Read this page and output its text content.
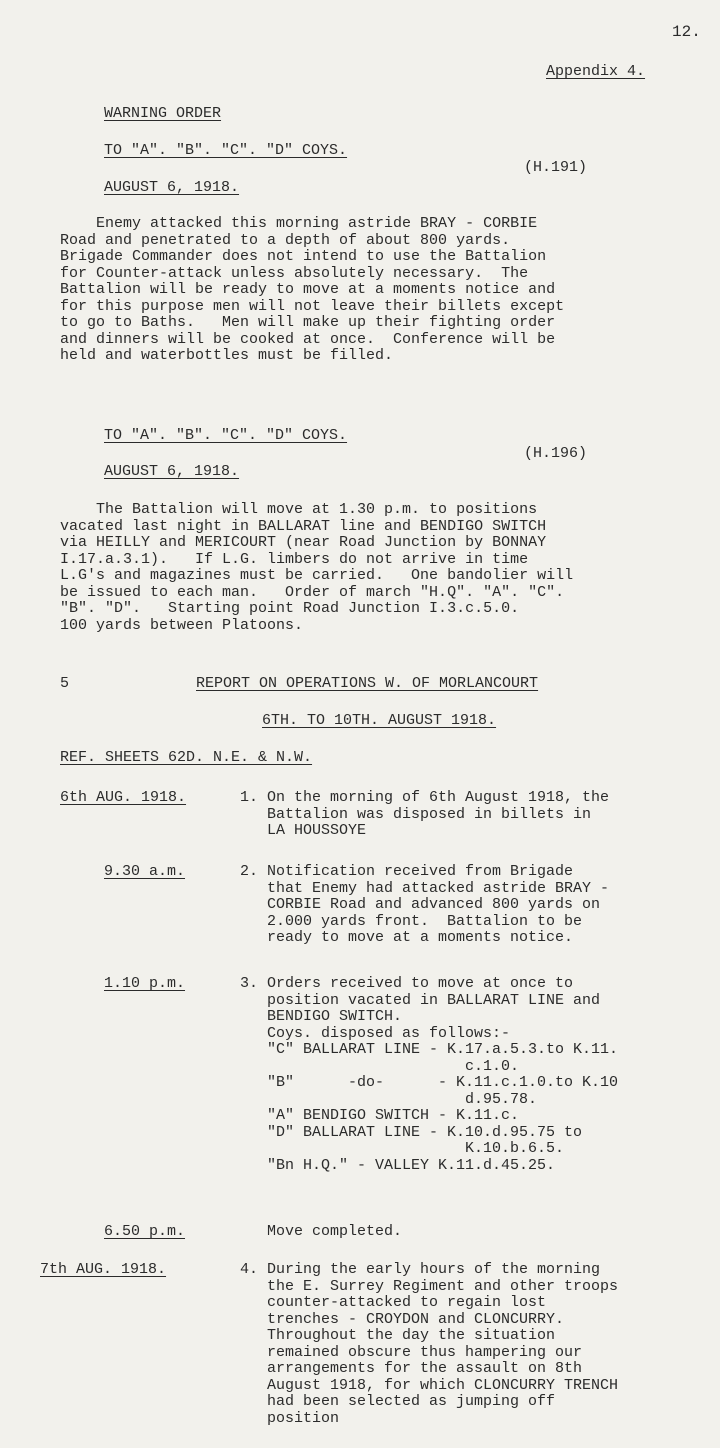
12.
Appendix 4.
WARNING ORDER
TO "A". "B". "C". "D" COYS.
(H.191)
AUGUST 6, 1918.
Enemy attacked this morning astride BRAY - CORBIE
Road and penetrated to a depth of about 800 yards.
Brigade Commander does not intend to use the Battalion
for Counter-attack unless absolutely necessary.  The
Battalion will be ready to move at a moments notice and
for this purpose men will not leave their billets except
to go to Baths.   Men will make up their fighting order
and dinners will be cooked at once.  Conference will be
held and waterbottles must be filled.
TO "A". "B". "C". "D" COYS.
(H.196)
AUGUST 6, 1918.
The Battalion will move at 1.30 p.m. to positions
vacated last night in BALLARAT line and BENDIGO SWITCH
via HEILLY and MERICOURT (near Road Junction by BONNAY
I.17.a.3.1).   If L.G. limbers do not arrive in time
L.G's and magazines must be carried.   One bandolier will
be issued to each man.   Order of march "H.Q". "A". "C".
"B". "D".   Starting point Road Junction I.3.c.5.0.
100 yards between Platoons.
5	REPORT ON OPERATIONS W. OF MORLANCOURT
6TH. TO 10TH. AUGUST 1918.
REF. SHEETS 62D. N.E. & N.W.
6th AUG. 1918.	1. On the morning of 6th August 1918, the
Battalion was disposed in billets in
LA HOUSSOYE
9.30 a.m.	2. Notification received from Brigade
that Enemy had attacked astride BRAY -
CORBIE Road and advanced 800 yards on
2.000 yards front.  Battalion to be
ready to move at a moments notice.
1.10 p.m.	3. Orders received to move at once to
position vacated in BALLARAT LINE and
BENDIGO SWITCH.
Coys. disposed as follows:-
"C" BALLARAT LINE - K.17.a.5.3.to K.11.
c.1.0.
"B"      -do-      - K.11.c.1.0.to K.10
d.95.78.
"A" BENDIGO SWITCH - K.11.c.
"D" BALLARAT LINE - K.10.d.95.75 to
K.10.b.6.5.
"Bn H.Q." - VALLEY K.11.d.45.25.
6.50 p.m.	Move completed.
7th AUG. 1918.	4. During the early hours of the morning
the E. Surrey Regiment and other troops
counter-attacked to regain lost
trenches - CROYDON and CLONCURRY.
Throughout the day the situation
remained obscure thus hampering our
arrangements for the assault on 8th
August 1918, for which CLONCURRY TRENCH
had been selected as jumping off
position
